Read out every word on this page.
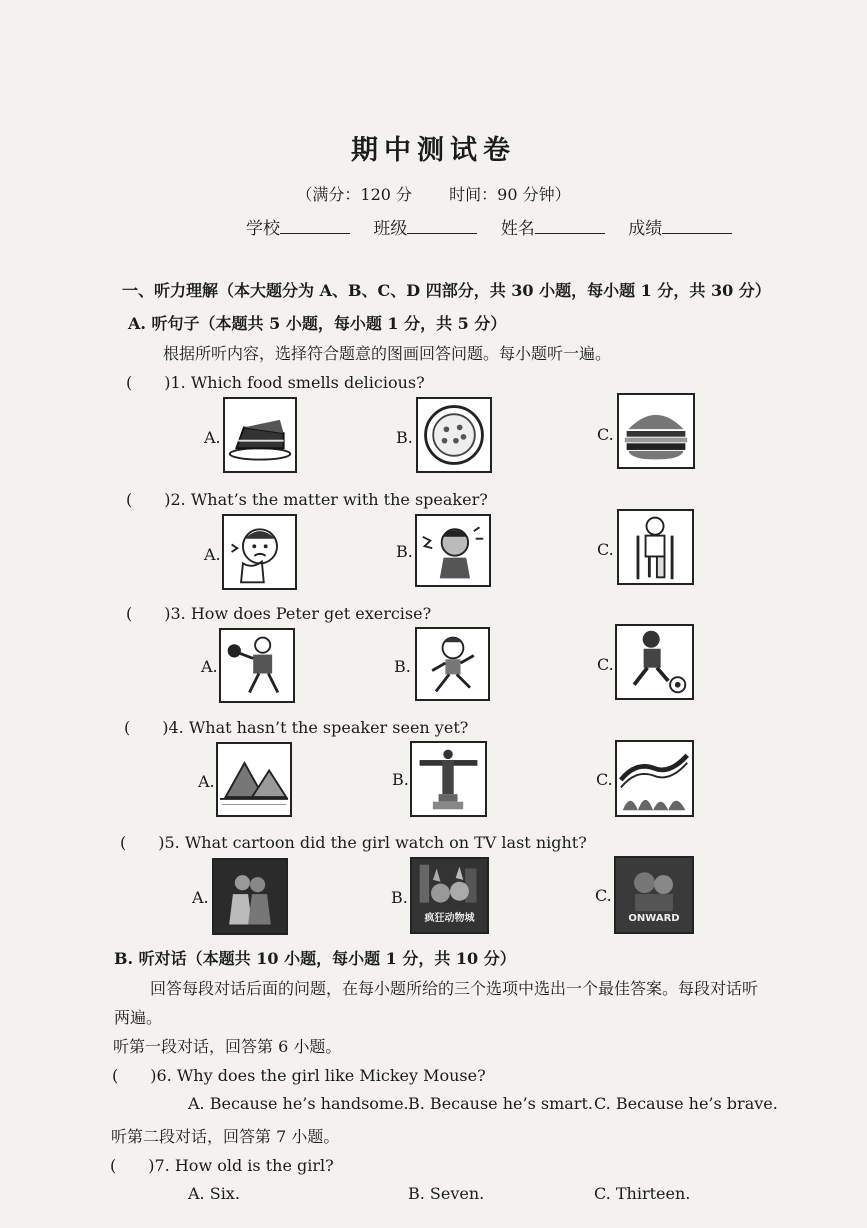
期中测试卷
（满分：120 分 时间：90 分钟）
学校	班级	姓名	成绩
一、听力理解（本大题分为 A、B、C、D 四部分，共 30 小题，每小题 1 分，共 30 分）
A. 听句子（本题共 5 小题，每小题 1 分，共 5 分）
根据所听内容，选择符合题意的图画回答问题。每小题听一遍。
(　　)1. Which food smells delicious?
A.	B.	C.
(　　)2. What’s the matter with the speaker?
A.	B.	C.
(　　)3. How does Peter get exercise?
A.	B.	C.
(　　)4. What hasn’t the speaker seen yet?
A.	B.	C.
(　　)5. What cartoon did the girl watch on TV last night?
A.	B.
疯狂动物城
C.
ONWARD
B. 听对话（本题共 10 小题，每小题 1 分，共 10 分）
回答每段对话后面的问题，在每小题所给的三个选项中选出一个最佳答案。每段对话听
两遍。
听第一段对话，回答第 6 小题。
(　　)6. Why does the girl like Mickey Mouse?
A. Because he’s handsome. B. Because he’s smart. C. Because he’s brave.
听第二段对话，回答第 7 小题。
(　　)7. How old is the girl?
A. Six.	B. Seven.	C. Thirteen.
